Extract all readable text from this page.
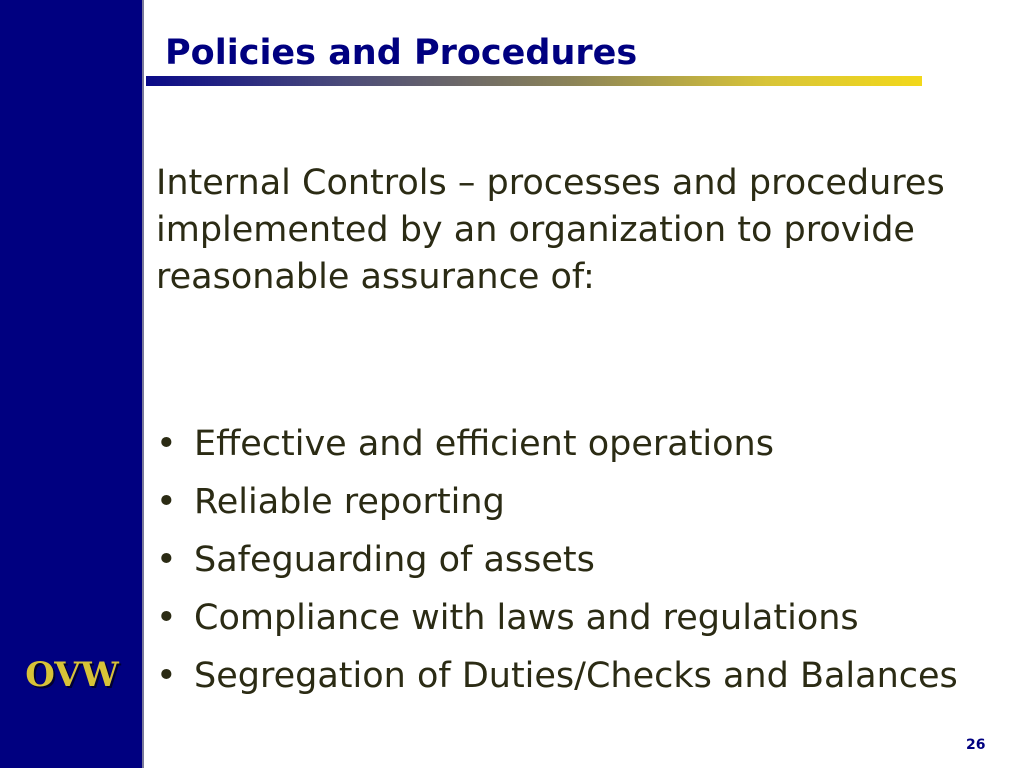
OVW
Policies and Procedures

Internal Controls – processes and procedures implemented by an organization to provide reasonable assurance of:

• Effective and efficient operations
• Reliable reporting
• Safeguarding of assets
• Compliance with laws and regulations
• Segregation of Duties/Checks and Balances
26
